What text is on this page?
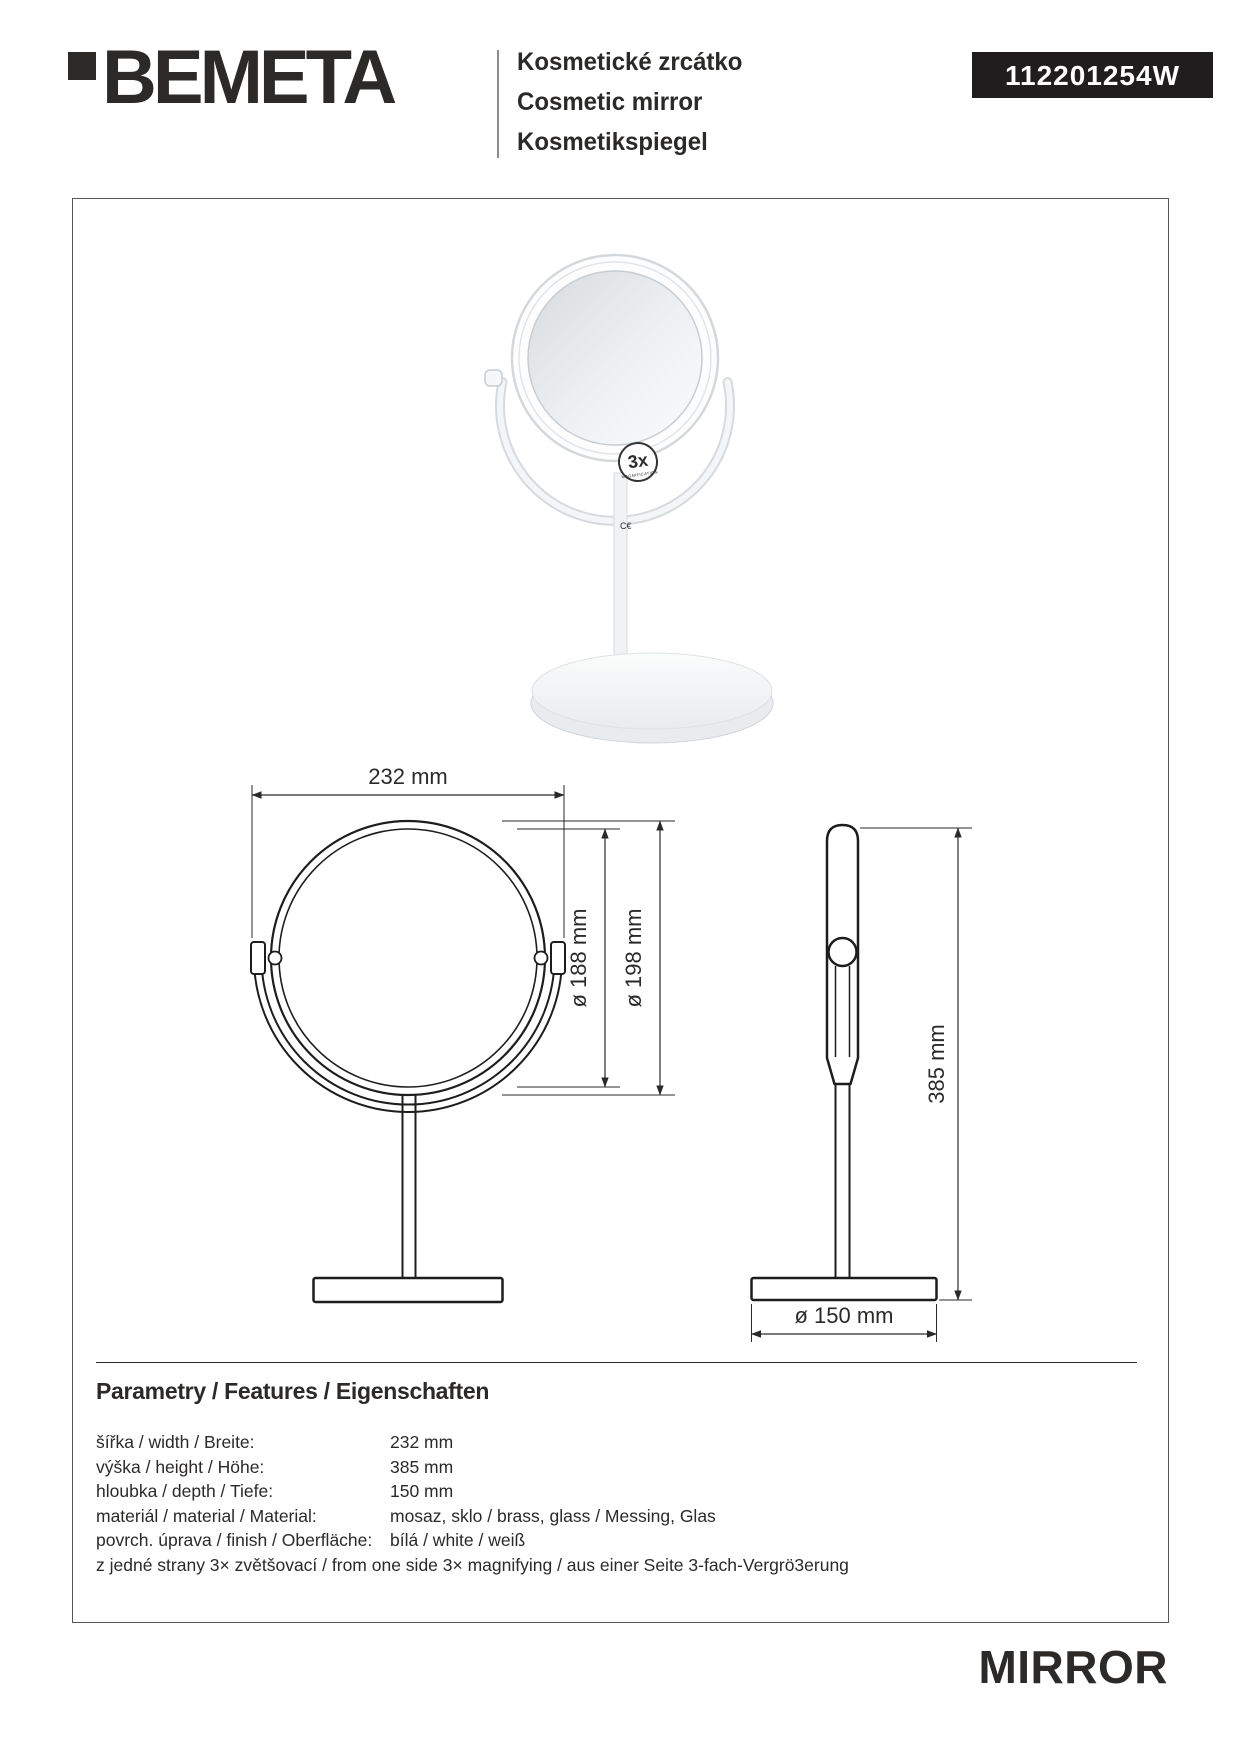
BEMETA	Kosmetické zrcátko
Cosmetic mirror
Kosmetikspiegel
112201254W
C€
3x
MAGNIFICATION
232 mm
ø 188 mm ø 198 mm
385 mm
ø 150 mm
Parametry / Features / Eigenschaften
šířka / width / Breite:	232 mm
výška / height / Höhe:	385 mm
hloubka / depth / Tiefe:	150 mm
materiál / material / Material:	mosaz, sklo / brass, glass / Messing, Glas
povrch. úprava / finish / Oberfläche: bílá / white / weiß
z jedné strany 3× zvětšovací / from one side 3× magnifying / aus einer Seite 3-fach-Vergrö3erung
MIRROR
